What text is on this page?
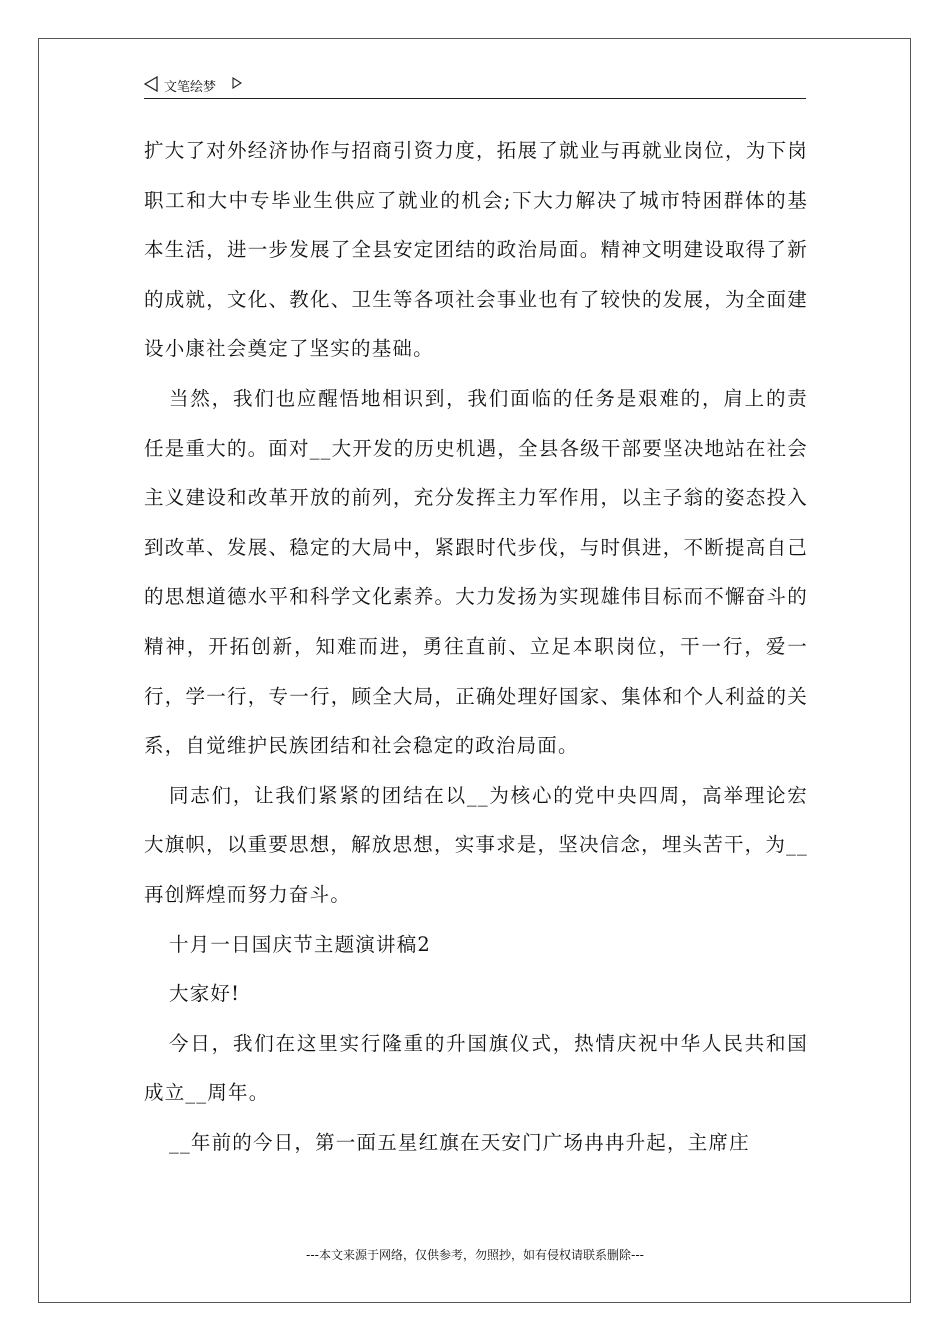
文笔绘梦

扩大了对外经济协作与招商引资力度，拓展了就业与再就业岗位，为下岗职工和大中专毕业生供应了就业的机会;下大力解决了城市特困群体的基本生活，进一步发展了全县安定团结的政治局面。精神文明建设取得了新的成就，文化、教化、卫生等各项社会事业也有了较快的发展，为全面建设小康社会奠定了坚实的基础。

当然，我们也应醒悟地相识到，我们面临的任务是艰难的，肩上的责任是重大的。面对__大开发的历史机遇，全县各级干部要坚决地站在社会主义建设和改革开放的前列，充分发挥主力军作用，以主子翁的姿态投入到改革、发展、稳定的大局中，紧跟时代步伐，与时俱进，不断提高自己的思想道德水平和科学文化素养。大力发扬为实现雄伟目标而不懈奋斗的精神，开拓创新，知难而进，勇往直前、立足本职岗位，干一行，爱一行，学一行，专一行，顾全大局，正确处理好国家、集体和个人利益的关系，自觉维护民族团结和社会稳定的政治局面。

同志们，让我们紧紧的团结在以__为核心的党中央四周，高举理论宏大旗帜，以重要思想，解放思想，实事求是，坚决信念，埋头苦干，为__再创辉煌而努力奋斗。

十月一日国庆节主题演讲稿2

大家好!

今日，我们在这里实行隆重的升国旗仪式，热情庆祝中华人民共和国成立__周年。

__年前的今日，第一面五星红旗在天安门广场冉冉升起，主席庄

---本文来源于网络，仅供参考，勿照抄，如有侵权请联系删除---
